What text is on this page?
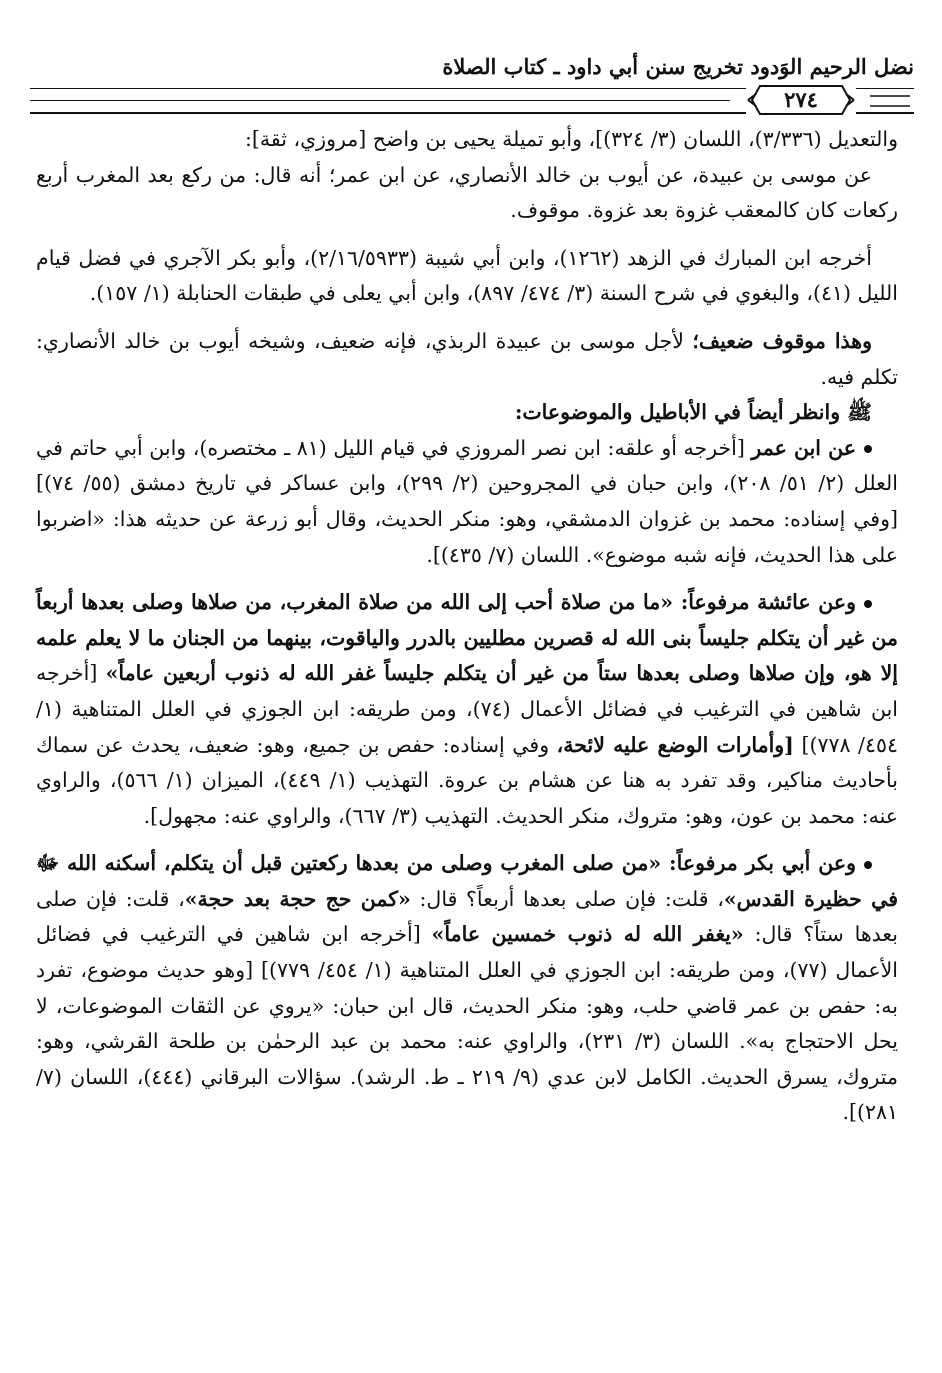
نضل الرحيم الوَدود تخريج سنن أبي داود ـ كتاب الصلاة
٢٧٤

والتعديل (٣/٣٣٦)، اللسان (٣/ ٣٢٤)]، وأبو تميلة يحيى بن واضح [مروزي، ثقة]:

عن موسى بن عبيدة، عن أيوب بن خالد الأنصاري، عن ابن عمر؛ أنه قال: من ركع بعد المغرب أربع ركعات كان كالمعقب غزوة بعد غزوة. موقوف.

أخرجه ابن المبارك في الزهد (١٢٦٢)، وابن أبي شيبة (٢/١٦/٥٩٣٣)، وأبو بكر الآجري في فضل قيام الليل (٤١)، والبغوي في شرح السنة (٣/ ٤٧٤/ ٨٩٧)، وابن أبي يعلى في طبقات الحنابلة (١/ ١٥٧).

وهذا موقوف ضعيف؛ لأجل موسى بن عبيدة الربذي، فإنه ضعيف، وشيخه أيوب بن خالد الأنصاري: تكلم فيه.

ﷺ وانظر أيضاً في الأباطيل والموضوعات:

عن ابن عمر [أخرجه أو علقه: ابن نصر المروزي في قيام الليل (٨١ ـ مختصره)، وابن أبي حاتم في العلل (٢/ ٥١/ ٢٠٨)، وابن حبان في المجروحين (٢/ ٢٩٩)، وابن عساكر في تاريخ دمشق (٥٥/ ٧٤)] [وفي إسناده: محمد بن غزوان الدمشقي، وهو: منكر الحديث، وقال أبو زرعة عن حديثه هذا: «اضربوا على هذا الحديث، فإنه شبه موضوع». اللسان (٧/ ٤٣٥)].

وعن عائشة مرفوعاً: «ما من صلاة أحب إلى الله من صلاة المغرب، من صلاها وصلى بعدها أربعاً من غير أن يتكلم جليساً بنى الله له قصرين مطليين بالدرر والياقوت، بينهما من الجنان ما لا يعلم علمه إلا هو، وإن صلاها وصلى بعدها ستاً من غير أن يتكلم جليساً غفر الله له ذنوب أربعين عاماً» [أخرجه ابن شاهين في الترغيب في فضائل الأعمال (٧٤)، ومن طريقه: ابن الجوزي في العلل المتناهية (١/ ٤٥٤/ ٧٧٨)] [وأمارات الوضع عليه لائحة، وفي إسناده: حفص بن جميع، وهو: ضعيف، يحدث عن سماك بأحاديث مناكير، وقد تفرد به هنا عن هشام بن عروة. التهذيب (١/ ٤٤٩)، الميزان (١/ ٥٦٦)، والراوي عنه: محمد بن عون، وهو: متروك، منكر الحديث. التهذيب (٣/ ٦٦٧)، والراوي عنه: مجهول].

وعن أبي بكر مرفوعاً: «من صلى المغرب وصلى من بعدها ركعتين قبل أن يتكلم، أسكنه الله ﷻ في حظيرة القدس»، قلت: فإن صلى بعدها أربعاً؟ قال: «كمن حج حجة بعد حجة»، قلت: فإن صلى بعدها ستاً؟ قال: «يغفر الله له ذنوب خمسين عاماً» [أخرجه ابن شاهين في الترغيب في فضائل الأعمال (٧٧)، ومن طريقه: ابن الجوزي في العلل المتناهية (١/ ٤٥٤/ ٧٧٩)] [وهو حديث موضوع، تفرد به: حفص بن عمر قاضي حلب، وهو: منكر الحديث، قال ابن حبان: «يروي عن الثقات الموضوعات، لا يحل الاحتجاج به». اللسان (٣/ ٢٣١)، والراوي عنه: محمد بن عبد الرحمٰن بن طلحة القرشي، وهو: متروك، يسرق الحديث. الكامل لابن عدي (٩/ ٢١٩ ـ ط. الرشد). سؤالات البرقاني (٤٤٤)، اللسان (٧/ ٢٨١)].
